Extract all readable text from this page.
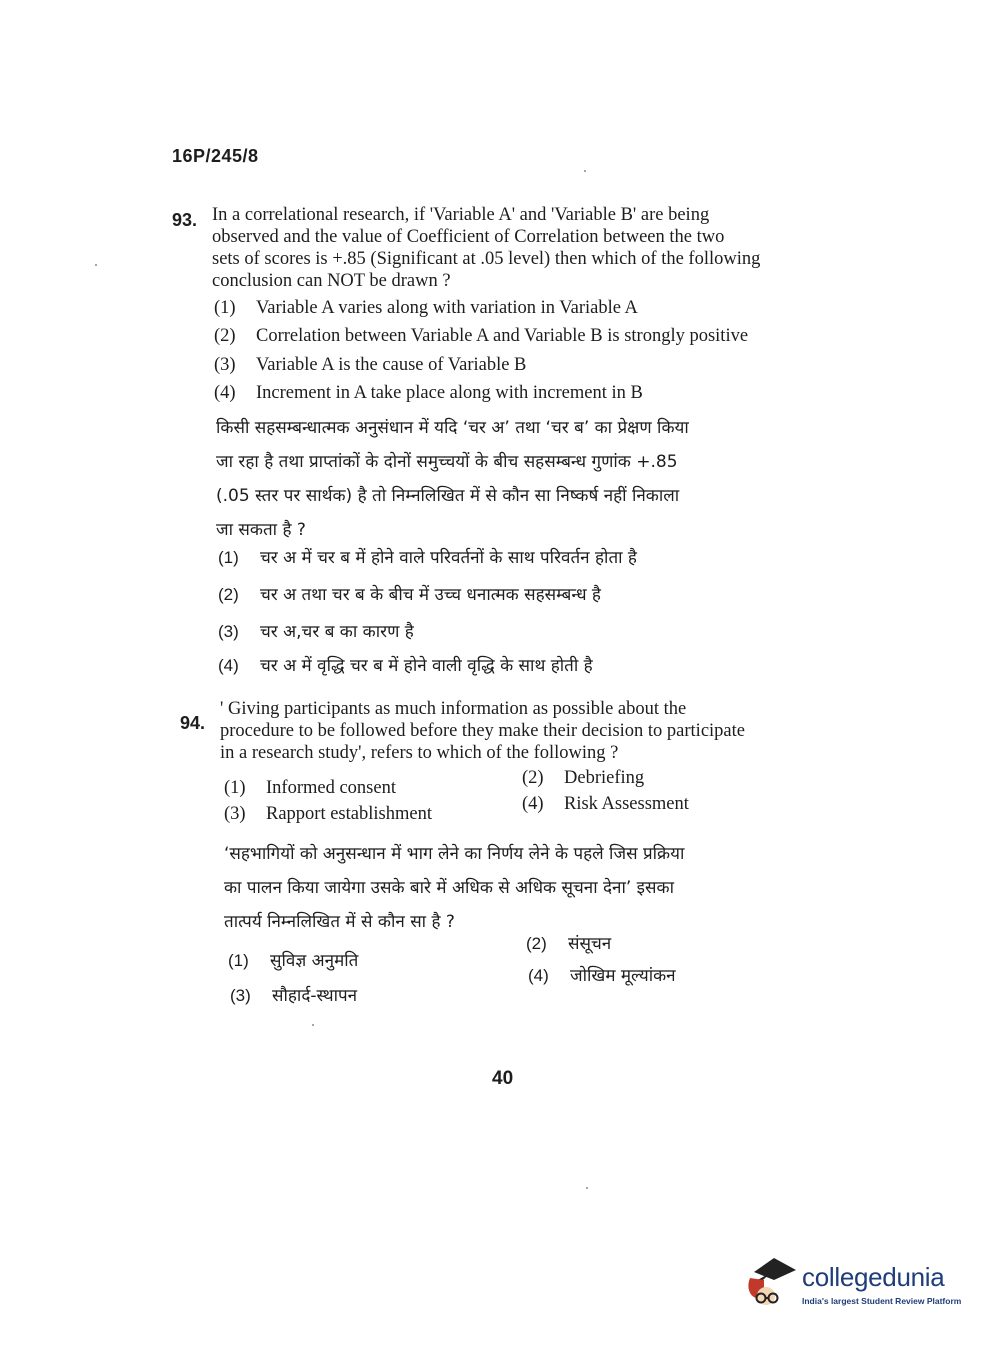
16P/245/8
93. In a correlational research, if 'Variable A' and 'Variable B' are being
observed and the value of Coefficient of Correlation between the two
sets of scores is +.85 (Significant at .05 level) then which of the following
conclusion can NOT be drawn ?
(1) Variable A varies along with variation in Variable A
(2) Correlation between Variable A and Variable B is strongly positive
(3) Variable A is the cause of Variable B
(4) Increment in A take place along with increment in B
किसी सहसम्बन्धात्मक अनुसंधान में यदि ‘चर अ’ तथा ‘चर ब’ का प्रेक्षण किया
जा रहा है तथा प्राप्तांकों के दोनों समुच्चयों के बीच सहसम्बन्ध गुणांक +.85
(.05 स्तर पर सार्थक) है तो निम्नलिखित में से कौन सा निष्कर्ष नहीं निकाला
जा सकता है ?
(1) चर अ में चर ब में होने वाले परिवर्तनों के साथ परिवर्तन होता है
(2) चर अ तथा चर ब के बीच में उच्च धनात्मक सहसम्बन्ध है
(3) चर अ,चर ब का कारण है
(4) चर अ में वृद्धि चर ब में होने वाली वृद्धि के साथ होती है
94.
' Giving participants as much information as possible about the
procedure to be followed before they make their decision to participate
in a research study', refers to which of the following ?
(1) Informed consent	(2) Debriefing
(3) Rapport establishment	(4) Risk Assessment
‘सहभागियों को अनुसन्धान में भाग लेने का निर्णय लेने के पहले जिस प्रक्रिया
का पालन किया जायेगा उसके बारे में अधिक से अधिक सूचना देना’ इसका
तात्पर्य निम्नलिखित में से कौन सा है ?
(1) सुविज्ञ अनुमति
(2) संसूचन
(3) सौहार्द-स्थापन
(4) जोखिम मूल्यांकन
40
collegedunia
India's largest Student Review Platform
